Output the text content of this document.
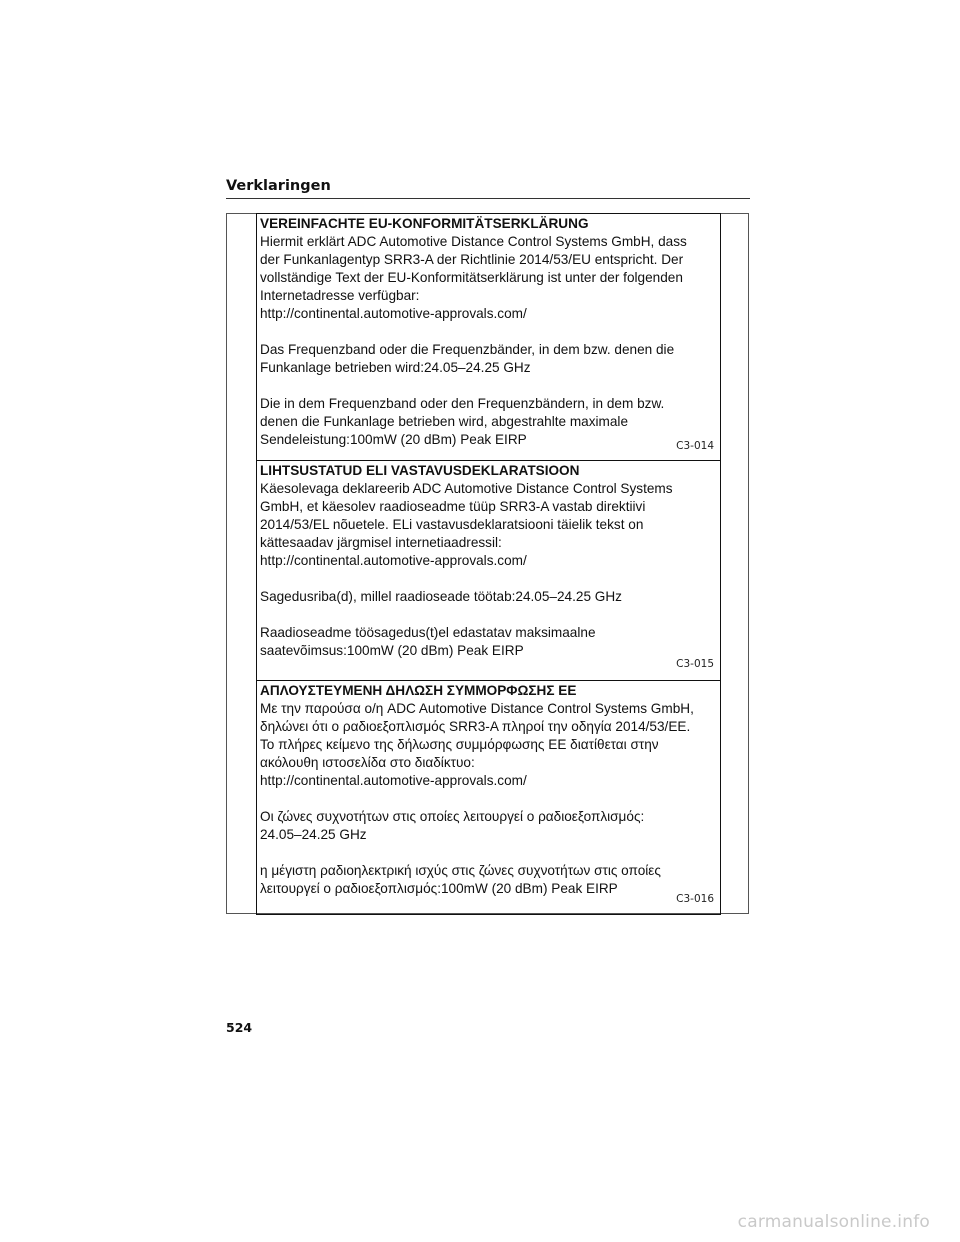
Verklaringen
VEREINFACHTE EU-KONFORMITÄTSERKLÄRUNG
Hiermit erklärt ADC Automotive Distance Control Systems GmbH, dass
der Funkanlagentyp SRR3-A der Richtlinie 2014/53/EU entspricht. Der
vollständige Text der EU-Konformitätserklärung ist unter der folgenden
Internetadresse verfügbar:
http://continental.automotive-approvals.com/
Das Frequenzband oder die Frequenzbänder, in dem bzw. denen die
Funkanlage betrieben wird:24.05–24.25 GHz
Die in dem Frequenzband oder den Frequenzbändern, in dem bzw.
denen die Funkanlage betrieben wird, abgestrahlte maximale
Sendeleistung:100mW (20 dBm) Peak EIRP	C3-014
LIHTSUSTATUD ELI VASTAVUSDEKLARATSIOON
Käesolevaga deklareerib ADC Automotive Distance Control Systems
GmbH, et käesolev raadioseadme tüüp SRR3-A vastab direktiivi
2014/53/EL nõuetele. ELi vastavusdeklaratsiooni täielik tekst on
kättesaadav järgmisel internetiaadressil:
http://continental.automotive-approvals.com/
Sagedusriba(d), millel raadioseade töötab:24.05–24.25 GHz
Raadioseadme töösagedus(t)el edastatav maksimaalne
saatevõimsus:100mW (20 dBm) Peak EIRP
C3-015
ΑΠΛΟΥΣΤΕΥΜΕΝΗ ΔΗΛΩΣΗ ΣΥΜΜΟΡΦΩΣΗΣ ΕΕ
Με την παρούσα ο/η ADC Automotive Distance Control Systems GmbH,
δηλώνει ότι ο ραδιοεξοπλισμός SRR3-A πληροί την οδηγία 2014/53/ΕΕ.
Το πλήρες κείμενο της δήλωσης συμμόρφωσης ΕΕ διατίθεται στην
ακόλουθη ιστοσελίδα στο διαδίκτυο:
http://continental.automotive-approvals.com/
Οι ζώνες συχνοτήτων στις οποίες λειτουργεί ο ραδιοεξοπλισμός:
24.05–24.25 GHz
η μέγιστη ραδιοηλεκτρική ισχύς στις ζώνες συχνοτήτων στις οποίες
λειτουργεί ο ραδιοεξοπλισμός:100mW (20 dBm) Peak EIRP
C3-016
524
carmanualsonline.info
